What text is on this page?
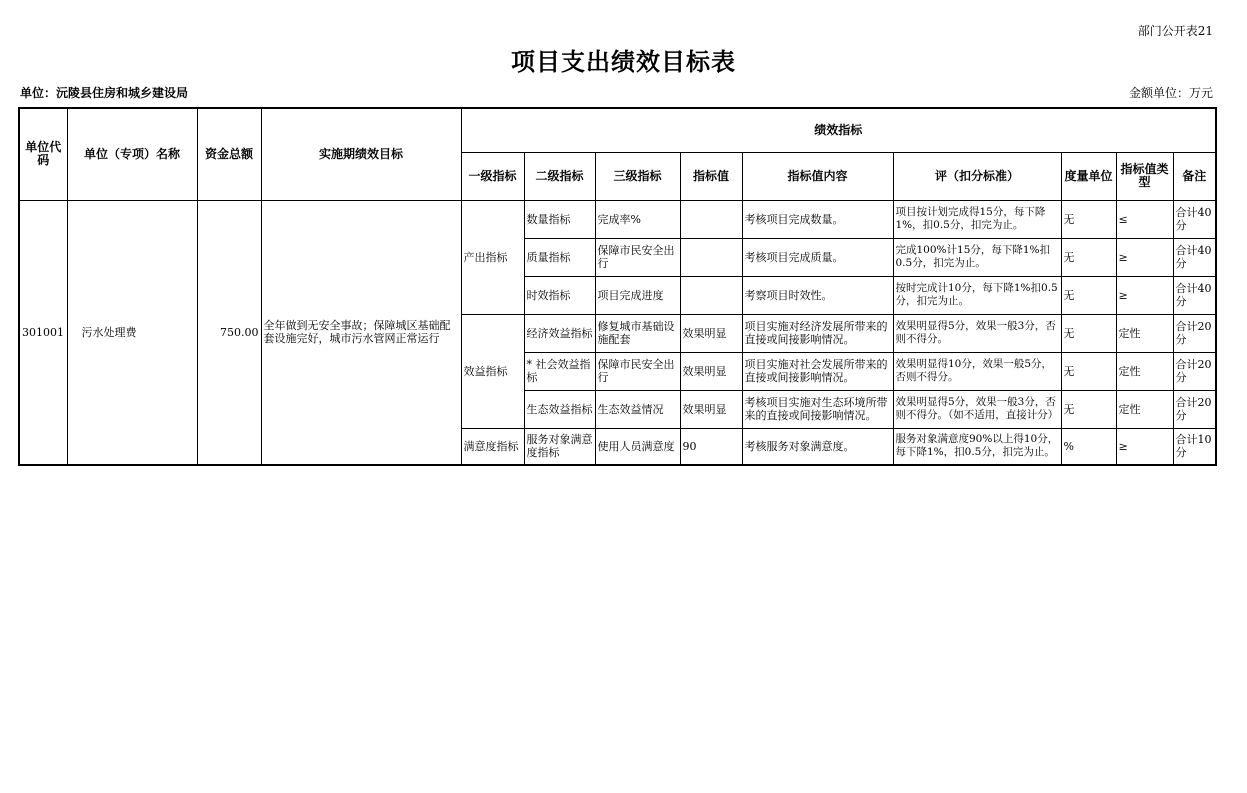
部门公开表21
项目支出绩效目标表
单位：沅陵县住房和城乡建设局	金额单位：万元
单位代码	单位（专项）名称	资金总额	实施期绩效目标	绩效指标								
				一级指标	二级指标	三级指标	指标值	指标值内容	评（扣分标准）	度量单位	指标值类型	备注
301001	污水处理费	750.00	全年做到无安全事故；保障城区基础配套设施完好，城市污水管网正常运行	产出指标	数量指标	完成率%		考核项目完成数量。	项目按计划完成得15分，每下降1%，扣0.5分，扣完为止。	无	≤	合计40分
					质量指标	保障市民安全出行		考核项目完成质量。	完成100%计15分，每下降1%扣0.5分，扣完为止。	无	≥	合计40分
					时效指标	项目完成进度		考察项目时效性。	按时完成计10分，每下降1%扣0.5分，扣完为止。	无	≥	合计40分
				效益指标	经济效益指标	修复城市基础设施配套	效果明显	项目实施对经济发展所带来的直接或间接影响情况。	效果明显得5分，效果一般3分，否则不得分。	无	定性	合计20分
					* 社会效益指标	保障市民安全出行	效果明显	项目实施对社会发展所带来的直接或间接影响情况。	效果明显得10分，效果一般5分，否则不得分。	无	定性	合计20分
					生态效益指标	生态效益情况	效果明显	考核项目实施对生态环境所带来的直接或间接影响情况。	效果明显得5分，效果一般3分，否则不得分。（如不适用，直接计分）	无	定性	合计20分
				满意度指标	服务对象满意度指标	使用人员满意度	90	考核服务对象满意度。	服务对象满意度90%以上得10分，每下降1%，扣0.5分，扣完为止。	%	≥	合计10分
